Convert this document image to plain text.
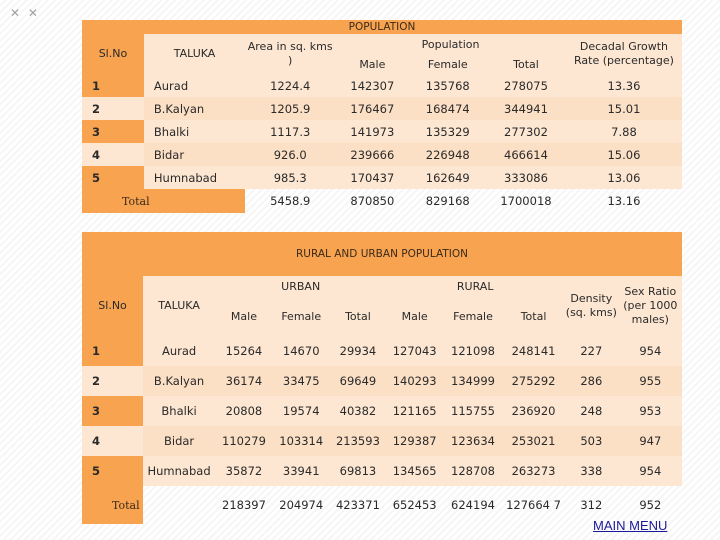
✕ ✕
POPULATION						
Sl.No	TALUKA	Area in sq. kms )	Population			Decadal Growth Rate (percentage)
			Male	Female	Total	
1	Aurad	1224.4	142307	135768	278075	13.36
2	B.Kalyan	1205.9	176467	168474	344941	15.01
3	Bhalki	1117.3	141973	135329	277302	7.88
4	Bidar	926.0	239666	226948	466614	15.06
5	Humnabad	985.3	170437	162649	333086	13.06
Total		5458.9	870850	829168	1700018	13.16
RURAL AND URBAN POPULATION									
Sl.No	TALUKA	URBAN			RURAL			Density (sq. kms)	Sex Ratio (per 1000 males)
		Male	Female	Total	Male	Female	Total		
1	Aurad	15264	14670	29934	127043	121098	248141	227	954
2	B.Kalyan	36174	33475	69649	140293	134999	275292	286	955
3	Bhalki	20808	19574	40382	121165	115755	236920	248	953
4	Bidar	110279	103314	213593	129387	123634	253021	503	947
5	Humnabad	35872	33941	69813	134565	128708	263273	338	954
Total		218397	204974	423371	652453	624194	127664 7	312	952
MAIN MENU
